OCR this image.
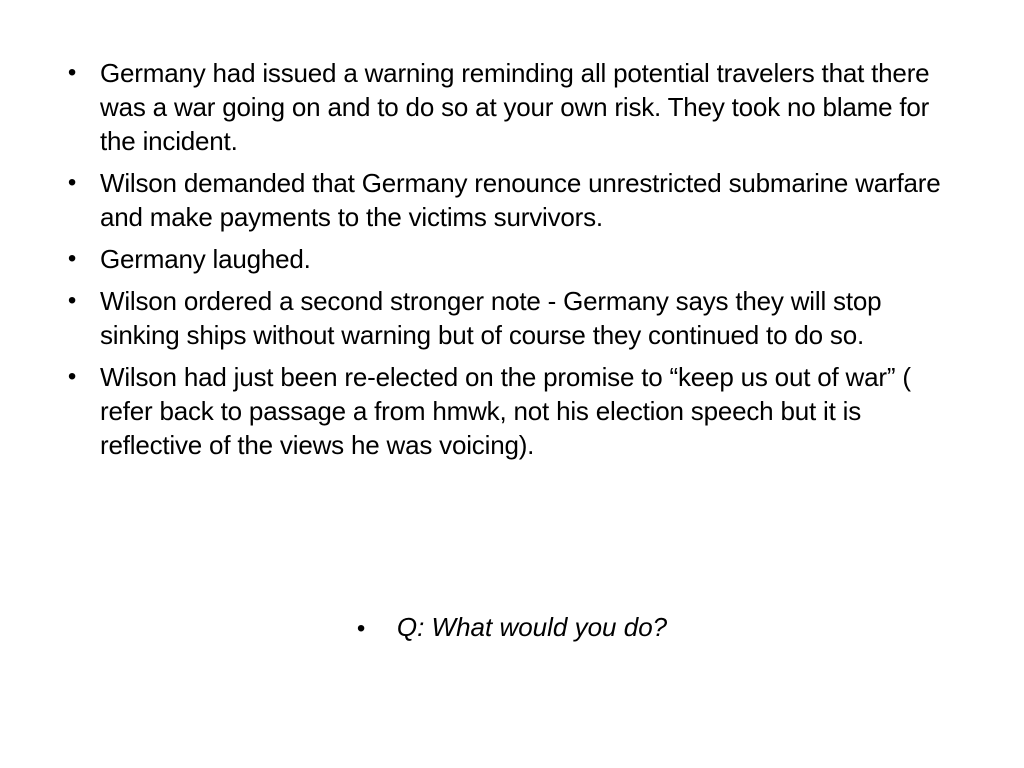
• Germany had issued a warning reminding all potential travelers that there was a war going on and to do so at your own risk. They took no blame for the incident.
• Wilson demanded that Germany renounce unrestricted submarine warfare and make payments to the victims survivors.
• Germany laughed.
• Wilson ordered a second stronger note - Germany says they will stop sinking ships without warning but of course they continued to do so.
• Wilson had just been re-elected on the promise to “keep us out of war” ( refer back to passage a from hmwk, not his election speech but it is reflective of the views he was voicing).
• Q: What would you do?
